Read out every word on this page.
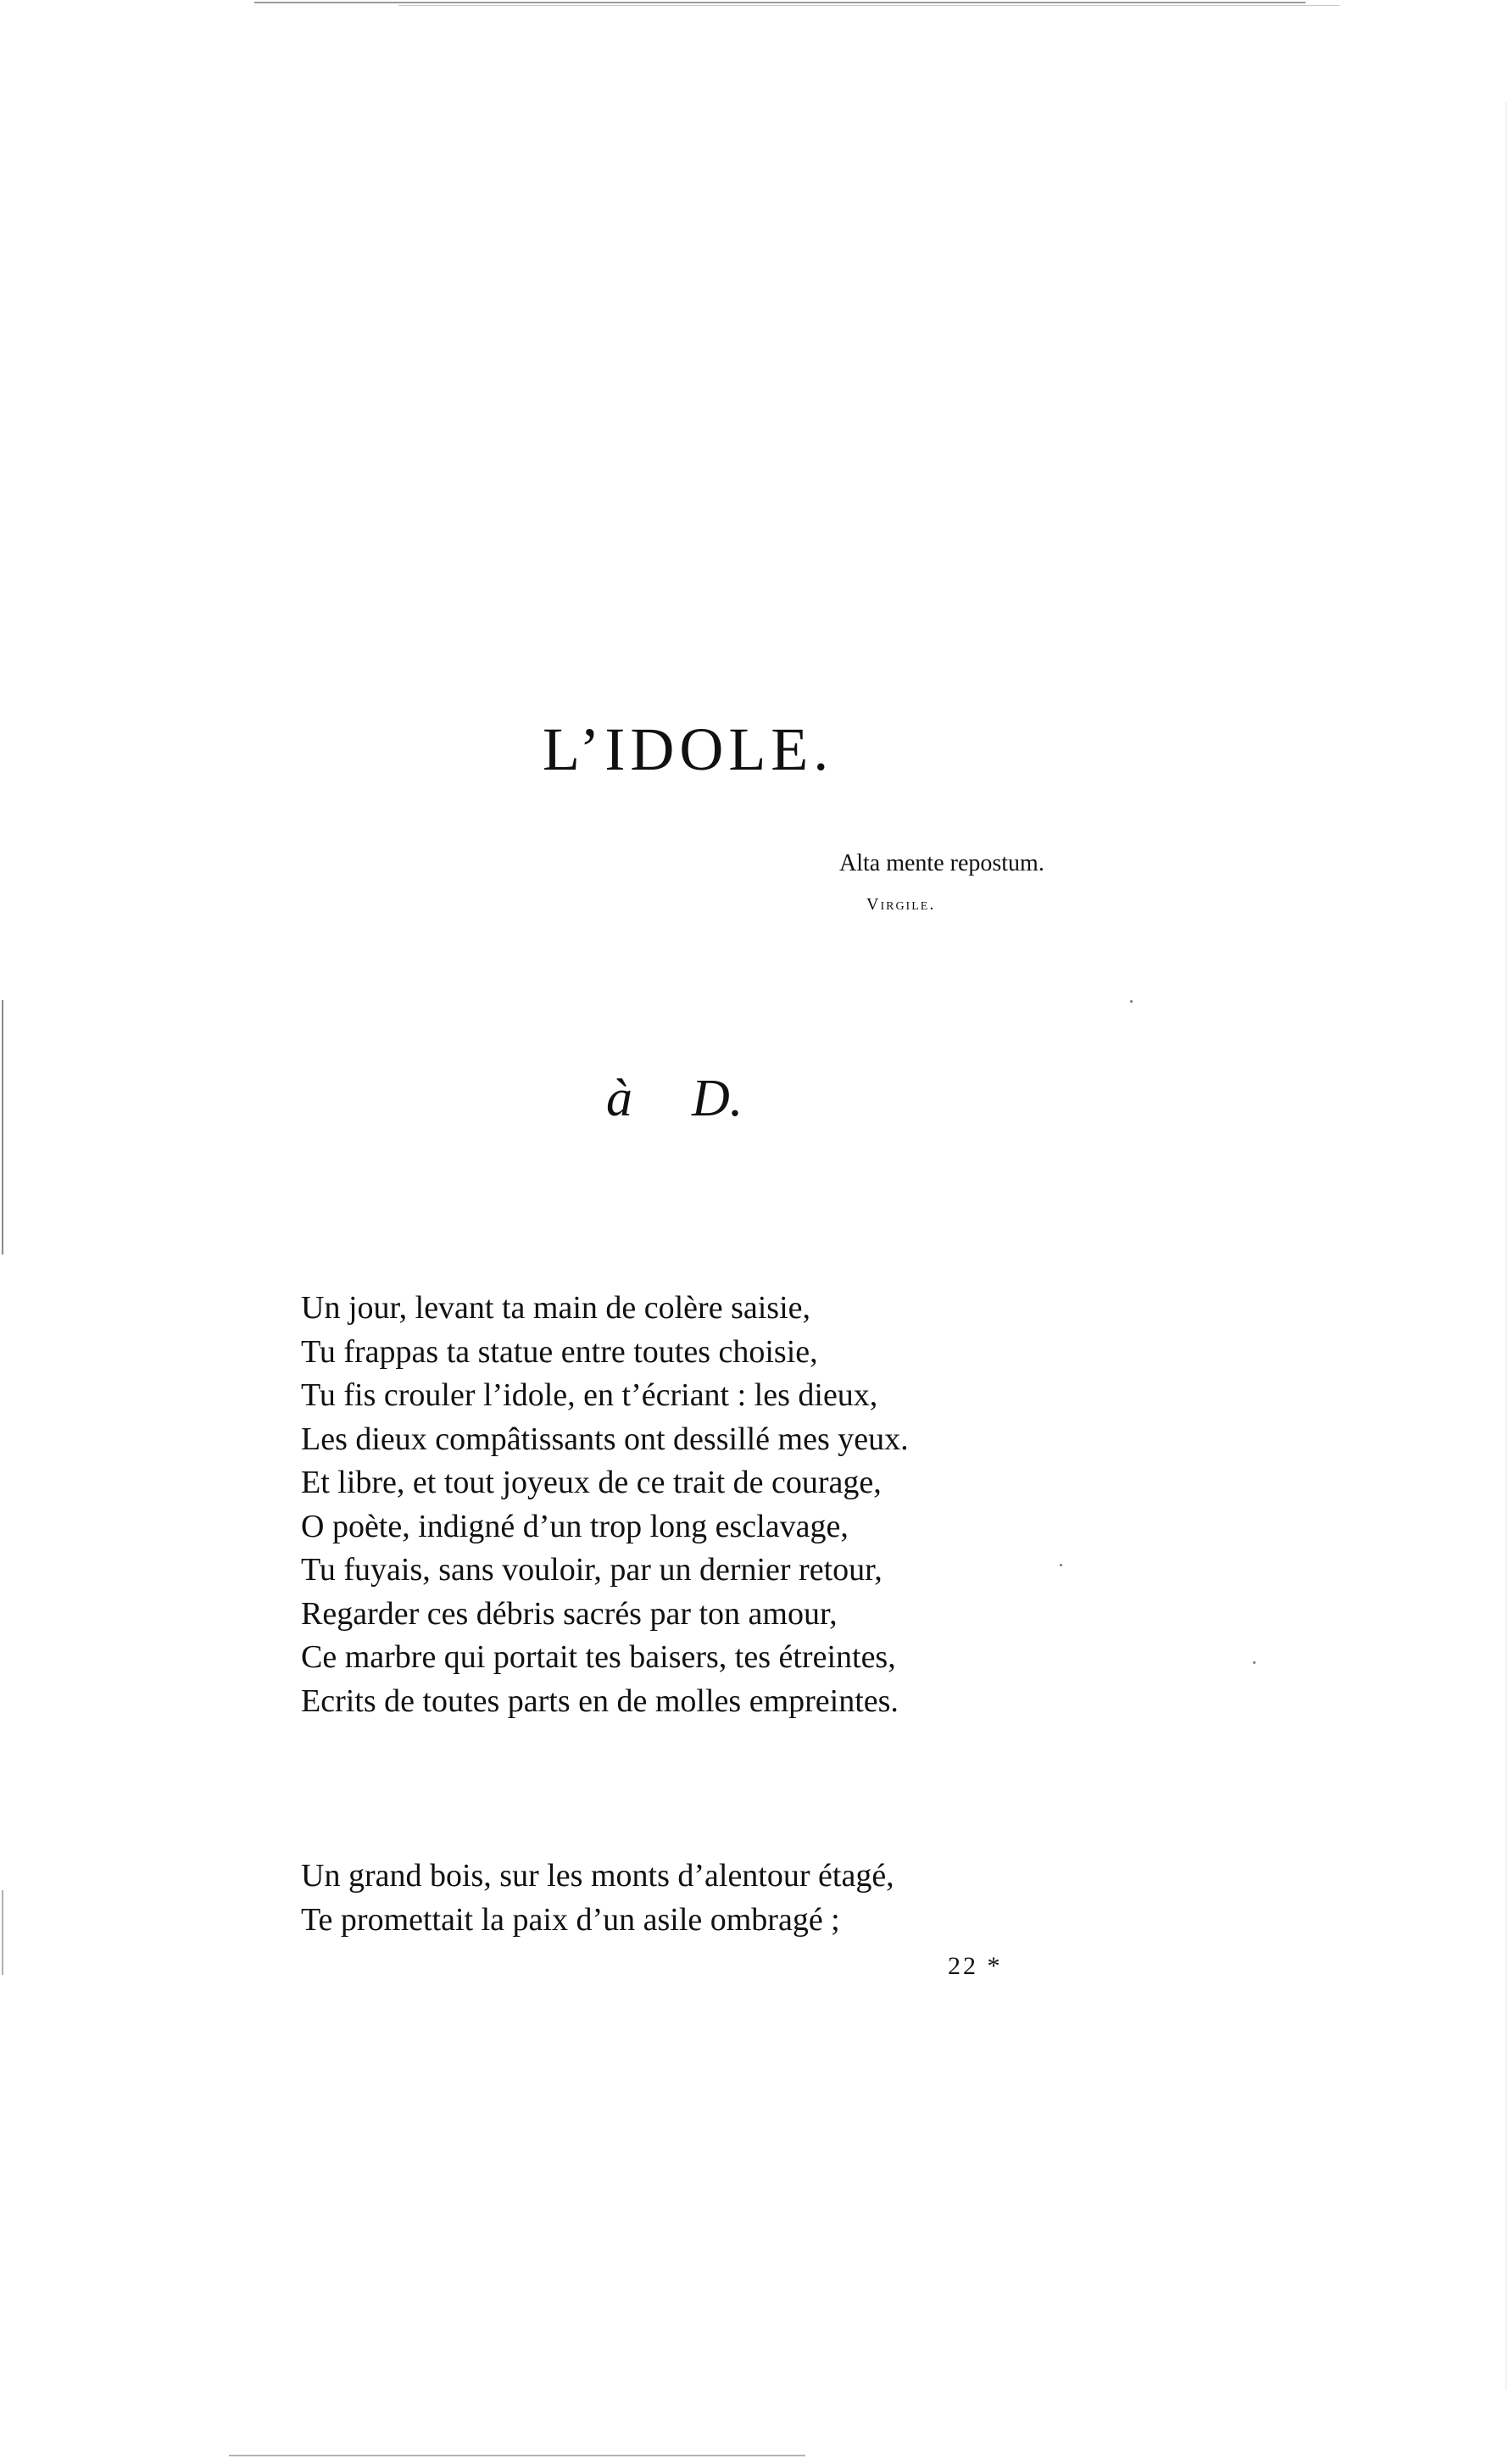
L’IDOLE.
Alta mente repostum.
Virgile.
à D.
Un jour, levant ta main de colère saisie,
Tu frappas ta statue entre toutes choisie,
Tu fis crouler l’idole, en t’écriant : les dieux,
Les dieux compâtissants ont dessillé mes yeux.
Et libre, et tout joyeux de ce trait de courage,
O poète, indigné d’un trop long esclavage,
Tu fuyais, sans vouloir, par un dernier retour,
Regarder ces débris sacrés par ton amour,
Ce marbre qui portait tes baisers, tes étreintes,
Ecrits de toutes parts en de molles empreintes.
Un grand bois, sur les monts d’alentour étagé,
Te promettait la paix d’un asile ombragé ;
22 *
